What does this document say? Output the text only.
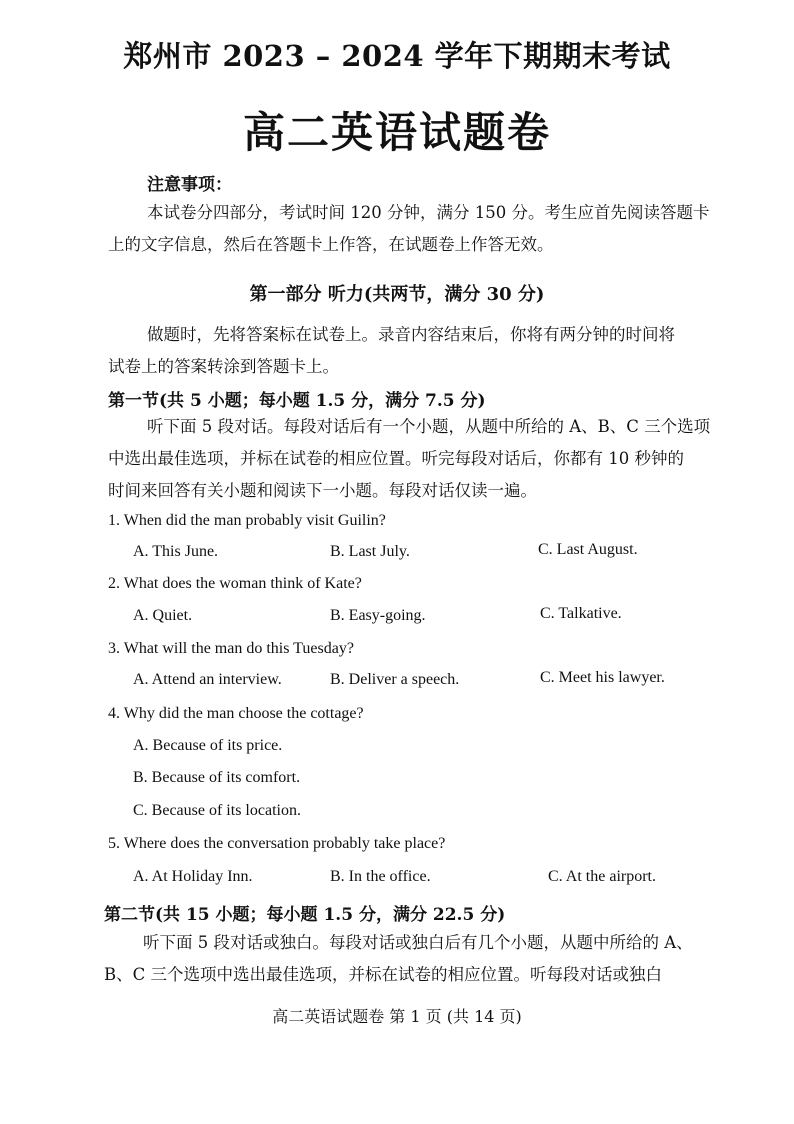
郑州市 2023 – 2024 学年下期期末考试
高二英语试题卷
注意事项：
本试卷分四部分，考试时间 120 分钟，满分 150 分。考生应首先阅读答题卡
上的文字信息，然后在答题卡上作答，在试题卷上作答无效。
第一部分 听力(共两节，满分 30 分)
做题时，先将答案标在试卷上。录音内容结束后，你将有两分钟的时间将
试卷上的答案转涂到答题卡上。
第一节(共 5 小题；每小题 1.5 分，满分 7.5 分)
听下面 5 段对话。每段对话后有一个小题，从题中所给的 A、B、C 三个选项
中选出最佳选项，并标在试卷的相应位置。听完每段对话后，你都有 10 秒钟的
时间来回答有关小题和阅读下一小题。每段对话仅读一遍。
1. When did the man probably visit Guilin?
A. This June.	B. Last July.	C. Last August.
2. What does the woman think of Kate?
A. Quiet.	B. Easy-going.	C. Talkative.
3. What will the man do this Tuesday?
A. Attend an interview.	B. Deliver a speech.	C. Meet his lawyer.
4. Why did the man choose the cottage?
A. Because of its price.
B. Because of its comfort.
C. Because of its location.
5. Where does the conversation probably take place?
A. At Holiday Inn.	B. In the office.	C. At the airport.
第二节(共 15 小题；每小题 1.5 分，满分 22.5 分)
听下面 5 段对话或独白。每段对话或独白后有几个小题，从题中所给的 A、
B、C 三个选项中选出最佳选项，并标在试卷的相应位置。听每段对话或独白
高二英语试题卷 第 1 页 (共 14 页)
